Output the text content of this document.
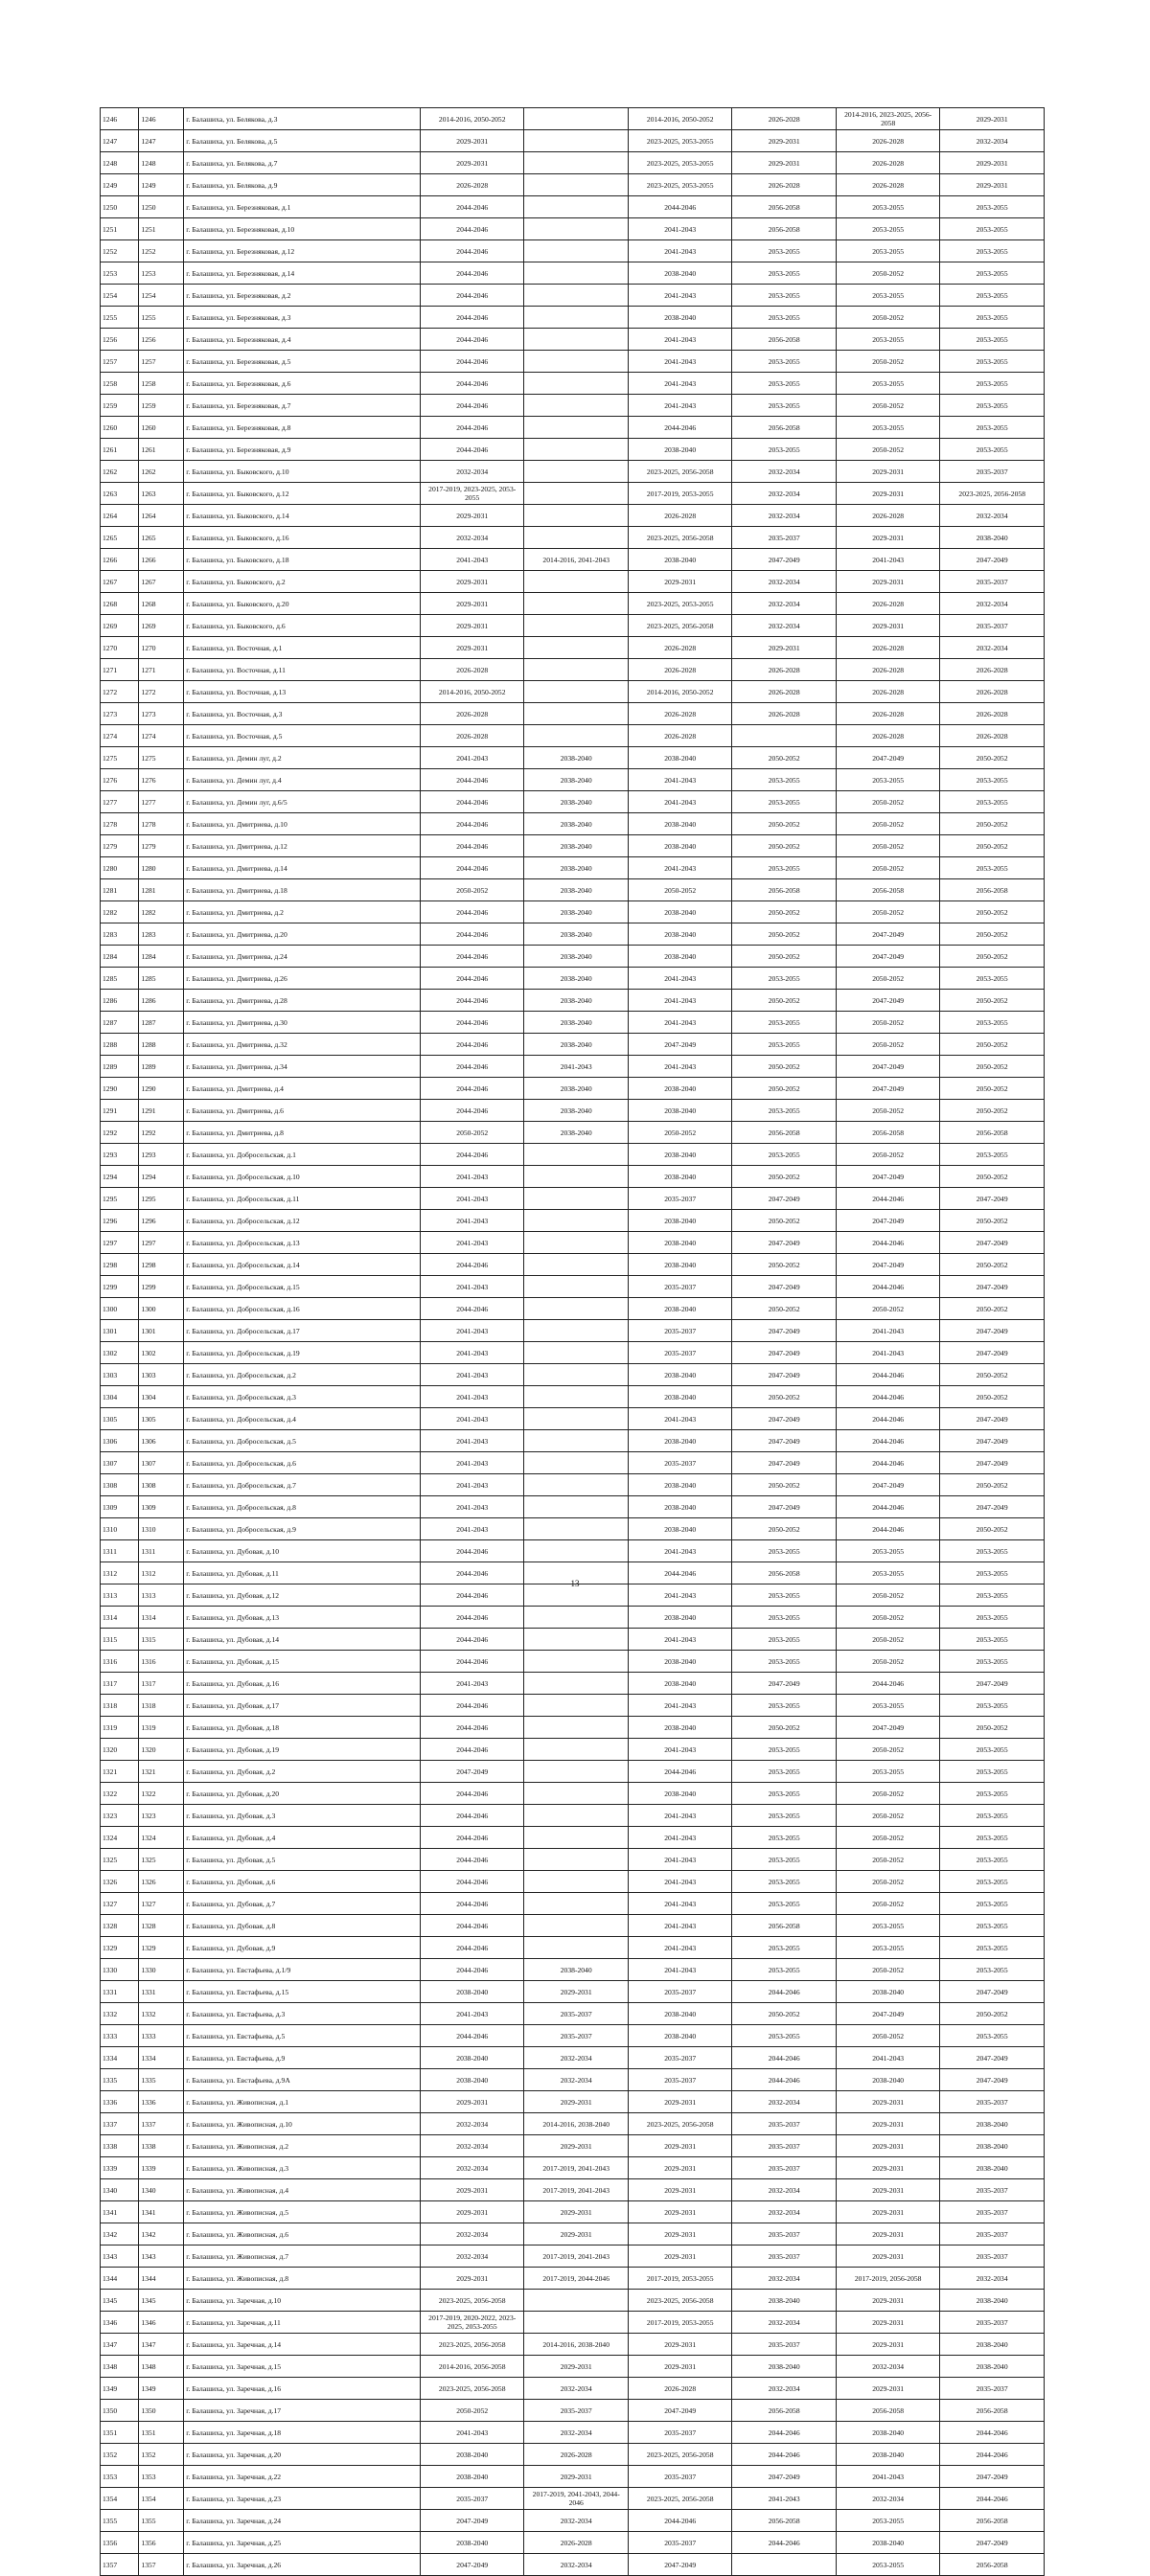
1246	1246	г. Балашиха, ул. Белякова, д.3	2014-2016, 2050-2052		2014-2016, 2050-2052	2026-2028	2014-2016, 2023-2025, 2056-2058	2029-2031
1247	1247	г. Балашиха, ул. Белякова, д.5	2029-2031		2023-2025, 2053-2055	2029-2031	2026-2028	2032-2034
1248	1248	г. Балашиха, ул. Белякова, д.7	2029-2031		2023-2025, 2053-2055	2029-2031	2026-2028	2029-2031
1249	1249	г. Балашиха, ул. Белякова, д.9	2026-2028		2023-2025, 2053-2055	2026-2028	2026-2028	2029-2031
1250	1250	г. Балашиха, ул. Березняковая, д.1	2044-2046		2044-2046	2056-2058	2053-2055	2053-2055
1251	1251	г. Балашиха, ул. Березняковая, д.10	2044-2046		2041-2043	2056-2058	2053-2055	2053-2055
1252	1252	г. Балашиха, ул. Березняковая, д.12	2044-2046		2041-2043	2053-2055	2053-2055	2053-2055
1253	1253	г. Балашиха, ул. Березняковая, д.14	2044-2046		2038-2040	2053-2055	2050-2052	2053-2055
1254	1254	г. Балашиха, ул. Березняковая, д.2	2044-2046		2041-2043	2053-2055	2053-2055	2053-2055
1255	1255	г. Балашиха, ул. Березняковая, д.3	2044-2046		2038-2040	2053-2055	2050-2052	2053-2055
1256	1256	г. Балашиха, ул. Березняковая, д.4	2044-2046		2041-2043	2056-2058	2053-2055	2053-2055
1257	1257	г. Балашиха, ул. Березняковая, д.5	2044-2046		2041-2043	2053-2055	2050-2052	2053-2055
1258	1258	г. Балашиха, ул. Березняковая, д.6	2044-2046		2041-2043	2053-2055	2053-2055	2053-2055
1259	1259	г. Балашиха, ул. Березняковая, д.7	2044-2046		2041-2043	2053-2055	2050-2052	2053-2055
1260	1260	г. Балашиха, ул. Березняковая, д.8	2044-2046		2044-2046	2056-2058	2053-2055	2053-2055
1261	1261	г. Балашиха, ул. Березняковая, д.9	2044-2046		2038-2040	2053-2055	2050-2052	2053-2055
1262	1262	г. Балашиха, ул. Быковского, д.10	2032-2034		2023-2025, 2056-2058	2032-2034	2029-2031	2035-2037
1263	1263	г. Балашиха, ул. Быковского, д.12	2017-2019, 2023-2025, 2053-2055		2017-2019, 2053-2055	2032-2034	2029-2031	2023-2025, 2056-2058
1264	1264	г. Балашиха, ул. Быковского, д.14	2029-2031		2026-2028	2032-2034	2026-2028	2032-2034
1265	1265	г. Балашиха, ул. Быковского, д.16	2032-2034		2023-2025, 2056-2058	2035-2037	2029-2031	2038-2040
1266	1266	г. Балашиха, ул. Быковского, д.18	2041-2043	2014-2016, 2041-2043	2038-2040	2047-2049	2041-2043	2047-2049
1267	1267	г. Балашиха, ул. Быковского, д.2	2029-2031		2029-2031	2032-2034	2029-2031	2035-2037
1268	1268	г. Балашиха, ул. Быковского, д.20	2029-2031		2023-2025, 2053-2055	2032-2034	2026-2028	2032-2034
1269	1269	г. Балашиха, ул. Быковского, д.6	2029-2031		2023-2025, 2056-2058	2032-2034	2029-2031	2035-2037
1270	1270	г. Балашиха, ул. Восточная, д.1	2029-2031		2026-2028	2029-2031	2026-2028	2032-2034
1271	1271	г. Балашиха, ул. Восточная, д.11	2026-2028		2026-2028	2026-2028	2026-2028	2026-2028
1272	1272	г. Балашиха, ул. Восточная, д.13	2014-2016, 2050-2052		2014-2016, 2050-2052	2026-2028	2026-2028	2026-2028
1273	1273	г. Балашиха, ул. Восточная, д.3	2026-2028		2026-2028	2026-2028	2026-2028	2026-2028
1274	1274	г. Балашиха, ул. Восточная, д.5	2026-2028		2026-2028		2026-2028	2026-2028
1275	1275	г. Балашиха, ул. Демин луг, д.2	2041-2043	2038-2040	2038-2040	2050-2052	2047-2049	2050-2052
1276	1276	г. Балашиха, ул. Демин луг, д.4	2044-2046	2038-2040	2041-2043	2053-2055	2053-2055	2053-2055
1277	1277	г. Балашиха, ул. Демин луг, д.6/5	2044-2046	2038-2040	2041-2043	2053-2055	2050-2052	2053-2055
1278	1278	г. Балашиха, ул. Дмитриева, д.10	2044-2046	2038-2040	2038-2040	2050-2052	2050-2052	2050-2052
1279	1279	г. Балашиха, ул. Дмитриева, д.12	2044-2046	2038-2040	2038-2040	2050-2052	2050-2052	2050-2052
1280	1280	г. Балашиха, ул. Дмитриева, д.14	2044-2046	2038-2040	2041-2043	2053-2055	2050-2052	2053-2055
1281	1281	г. Балашиха, ул. Дмитриева, д.18	2050-2052	2038-2040	2050-2052	2056-2058	2056-2058	2056-2058
1282	1282	г. Балашиха, ул. Дмитриева, д.2	2044-2046	2038-2040	2038-2040	2050-2052	2050-2052	2050-2052
1283	1283	г. Балашиха, ул. Дмитриева, д.20	2044-2046	2038-2040	2038-2040	2050-2052	2047-2049	2050-2052
1284	1284	г. Балашиха, ул. Дмитриева, д.24	2044-2046	2038-2040	2038-2040	2050-2052	2047-2049	2050-2052
1285	1285	г. Балашиха, ул. Дмитриева, д.26	2044-2046	2038-2040	2041-2043	2053-2055	2050-2052	2053-2055
1286	1286	г. Балашиха, ул. Дмитриева, д.28	2044-2046	2038-2040	2041-2043	2050-2052	2047-2049	2050-2052
1287	1287	г. Балашиха, ул. Дмитриева, д.30	2044-2046	2038-2040	2041-2043	2053-2055	2050-2052	2053-2055
1288	1288	г. Балашиха, ул. Дмитриева, д.32	2044-2046	2038-2040	2047-2049	2053-2055	2050-2052	2050-2052
1289	1289	г. Балашиха, ул. Дмитриева, д.34	2044-2046	2041-2043	2041-2043	2050-2052	2047-2049	2050-2052
1290	1290	г. Балашиха, ул. Дмитриева, д.4	2044-2046	2038-2040	2038-2040	2050-2052	2047-2049	2050-2052
1291	1291	г. Балашиха, ул. Дмитриева, д.6	2044-2046	2038-2040	2038-2040	2053-2055	2050-2052	2050-2052
1292	1292	г. Балашиха, ул. Дмитриева, д.8	2050-2052	2038-2040	2050-2052	2056-2058	2056-2058	2056-2058
1293	1293	г. Балашиха, ул. Добросельская, д.1	2044-2046		2038-2040	2053-2055	2050-2052	2053-2055
1294	1294	г. Балашиха, ул. Добросельская, д.10	2041-2043		2038-2040	2050-2052	2047-2049	2050-2052
1295	1295	г. Балашиха, ул. Добросельская, д.11	2041-2043		2035-2037	2047-2049	2044-2046	2047-2049
1296	1296	г. Балашиха, ул. Добросельская, д.12	2041-2043		2038-2040	2050-2052	2047-2049	2050-2052
1297	1297	г. Балашиха, ул. Добросельская, д.13	2041-2043		2038-2040	2047-2049	2044-2046	2047-2049
1298	1298	г. Балашиха, ул. Добросельская, д.14	2044-2046		2038-2040	2050-2052	2047-2049	2050-2052
1299	1299	г. Балашиха, ул. Добросельская, д.15	2041-2043		2035-2037	2047-2049	2044-2046	2047-2049
1300	1300	г. Балашиха, ул. Добросельская, д.16	2044-2046		2038-2040	2050-2052	2050-2052	2050-2052
1301	1301	г. Балашиха, ул. Добросельская, д.17	2041-2043		2035-2037	2047-2049	2041-2043	2047-2049
1302	1302	г. Балашиха, ул. Добросельская, д.19	2041-2043		2035-2037	2047-2049	2041-2043	2047-2049
1303	1303	г. Балашиха, ул. Добросельская, д.2	2041-2043		2038-2040	2047-2049	2044-2046	2050-2052
1304	1304	г. Балашиха, ул. Добросельская, д.3	2041-2043		2038-2040	2050-2052	2044-2046	2050-2052
1305	1305	г. Балашиха, ул. Добросельская, д.4	2041-2043		2041-2043	2047-2049	2044-2046	2047-2049
1306	1306	г. Балашиха, ул. Добросельская, д.5	2041-2043		2038-2040	2047-2049	2044-2046	2047-2049
1307	1307	г. Балашиха, ул. Добросельская, д.6	2041-2043		2035-2037	2047-2049	2044-2046	2047-2049
1308	1308	г. Балашиха, ул. Добросельская, д.7	2041-2043		2038-2040	2050-2052	2047-2049	2050-2052
1309	1309	г. Балашиха, ул. Добросельская, д.8	2041-2043		2038-2040	2047-2049	2044-2046	2047-2049
1310	1310	г. Балашиха, ул. Добросельская, д.9	2041-2043		2038-2040	2050-2052	2044-2046	2050-2052
1311	1311	г. Балашиха, ул. Дубовая, д.10	2044-2046		2041-2043	2053-2055	2053-2055	2053-2055
1312	1312	г. Балашиха, ул. Дубовая, д.11	2044-2046		2044-2046	2056-2058	2053-2055	2053-2055
1313	1313	г. Балашиха, ул. Дубовая, д.12	2044-2046		2041-2043	2053-2055	2050-2052	2053-2055
1314	1314	г. Балашиха, ул. Дубовая, д.13	2044-2046		2038-2040	2053-2055	2050-2052	2053-2055
1315	1315	г. Балашиха, ул. Дубовая, д.14	2044-2046		2041-2043	2053-2055	2050-2052	2053-2055
1316	1316	г. Балашиха, ул. Дубовая, д.15	2044-2046		2038-2040	2053-2055	2050-2052	2053-2055
1317	1317	г. Балашиха, ул. Дубовая, д.16	2041-2043		2038-2040	2047-2049	2044-2046	2047-2049
1318	1318	г. Балашиха, ул. Дубовая, д.17	2044-2046		2041-2043	2053-2055	2053-2055	2053-2055
1319	1319	г. Балашиха, ул. Дубовая, д.18	2044-2046		2038-2040	2050-2052	2047-2049	2050-2052
1320	1320	г. Балашиха, ул. Дубовая, д.19	2044-2046		2041-2043	2053-2055	2050-2052	2053-2055
1321	1321	г. Балашиха, ул. Дубовая, д.2	2047-2049		2044-2046	2053-2055	2053-2055	2053-2055
1322	1322	г. Балашиха, ул. Дубовая, д.20	2044-2046		2038-2040	2053-2055	2050-2052	2053-2055
1323	1323	г. Балашиха, ул. Дубовая, д.3	2044-2046		2041-2043	2053-2055	2050-2052	2053-2055
1324	1324	г. Балашиха, ул. Дубовая, д.4	2044-2046		2041-2043	2053-2055	2050-2052	2053-2055
1325	1325	г. Балашиха, ул. Дубовая, д.5	2044-2046		2041-2043	2053-2055	2050-2052	2053-2055
1326	1326	г. Балашиха, ул. Дубовая, д.6	2044-2046		2041-2043	2053-2055	2050-2052	2053-2055
1327	1327	г. Балашиха, ул. Дубовая, д.7	2044-2046		2041-2043	2053-2055	2050-2052	2053-2055
1328	1328	г. Балашиха, ул. Дубовая, д.8	2044-2046		2041-2043	2056-2058	2053-2055	2053-2055
1329	1329	г. Балашиха, ул. Дубовая, д.9	2044-2046		2041-2043	2053-2055	2053-2055	2053-2055
1330	1330	г. Балашиха, ул. Евстафьева, д.1/9	2044-2046	2038-2040	2041-2043	2053-2055	2050-2052	2053-2055
1331	1331	г. Балашиха, ул. Евстафьева, д.15	2038-2040	2029-2031	2035-2037	2044-2046	2038-2040	2047-2049
1332	1332	г. Балашиха, ул. Евстафьева, д.3	2041-2043	2035-2037	2038-2040	2050-2052	2047-2049	2050-2052
1333	1333	г. Балашиха, ул. Евстафьева, д.5	2044-2046	2035-2037	2038-2040	2053-2055	2050-2052	2053-2055
1334	1334	г. Балашиха, ул. Евстафьева, д.9	2038-2040	2032-2034	2035-2037	2044-2046	2041-2043	2047-2049
1335	1335	г. Балашиха, ул. Евстафьева, д.9А	2038-2040	2032-2034	2035-2037	2044-2046	2038-2040	2047-2049
1336	1336	г. Балашиха, ул. Живописная, д.1	2029-2031	2029-2031	2029-2031	2032-2034	2029-2031	2035-2037
1337	1337	г. Балашиха, ул. Живописная, д.10	2032-2034	2014-2016, 2038-2040	2023-2025, 2056-2058	2035-2037	2029-2031	2038-2040
1338	1338	г. Балашиха, ул. Живописная, д.2	2032-2034	2029-2031	2029-2031	2035-2037	2029-2031	2038-2040
1339	1339	г. Балашиха, ул. Живописная, д.3	2032-2034	2017-2019, 2041-2043	2029-2031	2035-2037	2029-2031	2038-2040
1340	1340	г. Балашиха, ул. Живописная, д.4	2029-2031	2017-2019, 2041-2043	2029-2031	2032-2034	2029-2031	2035-2037
1341	1341	г. Балашиха, ул. Живописная, д.5	2029-2031	2029-2031	2029-2031	2032-2034	2029-2031	2035-2037
1342	1342	г. Балашиха, ул. Живописная, д.6	2032-2034	2029-2031	2029-2031	2035-2037	2029-2031	2035-2037
1343	1343	г. Балашиха, ул. Живописная, д.7	2032-2034	2017-2019, 2041-2043	2029-2031	2035-2037	2029-2031	2035-2037
1344	1344	г. Балашиха, ул. Живописная, д.8	2029-2031	2017-2019, 2044-2046	2017-2019, 2053-2055	2032-2034	2017-2019, 2056-2058	2032-2034
1345	1345	г. Балашиха, ул. Заречная, д.10	2023-2025, 2056-2058		2023-2025, 2056-2058	2038-2040	2029-2031	2038-2040
1346	1346	г. Балашиха, ул. Заречная, д.11	2017-2019, 2020-2022, 2023-2025, 2053-2055		2017-2019, 2053-2055	2032-2034	2029-2031	2035-2037
1347	1347	г. Балашиха, ул. Заречная, д.14	2023-2025, 2056-2058	2014-2016, 2038-2040	2029-2031	2035-2037	2029-2031	2038-2040
1348	1348	г. Балашиха, ул. Заречная, д.15	2014-2016, 2056-2058	2029-2031	2029-2031	2038-2040	2032-2034	2038-2040
1349	1349	г. Балашиха, ул. Заречная, д.16	2023-2025, 2056-2058	2032-2034	2026-2028	2032-2034	2029-2031	2035-2037
1350	1350	г. Балашиха, ул. Заречная, д.17	2050-2052	2035-2037	2047-2049	2056-2058	2056-2058	2056-2058
1351	1351	г. Балашиха, ул. Заречная, д.18	2041-2043	2032-2034	2035-2037	2044-2046	2038-2040	2044-2046
1352	1352	г. Балашиха, ул. Заречная, д.20	2038-2040	2026-2028	2023-2025, 2056-2058	2044-2046	2038-2040	2044-2046
1353	1353	г. Балашиха, ул. Заречная, д.22	2038-2040	2029-2031	2035-2037	2047-2049	2041-2043	2047-2049
1354	1354	г. Балашиха, ул. Заречная, д.23	2035-2037	2017-2019, 2041-2043, 2044-2046	2023-2025, 2056-2058	2041-2043	2032-2034	2044-2046
1355	1355	г. Балашиха, ул. Заречная, д.24	2047-2049	2032-2034	2044-2046	2056-2058	2053-2055	2056-2058
1356	1356	г. Балашиха, ул. Заречная, д.25	2038-2040	2026-2028	2035-2037	2044-2046	2038-2040	2047-2049
1357	1357	г. Балашиха, ул. Заречная, д.26	2047-2049	2032-2034	2047-2049		2053-2055	2056-2058
13
